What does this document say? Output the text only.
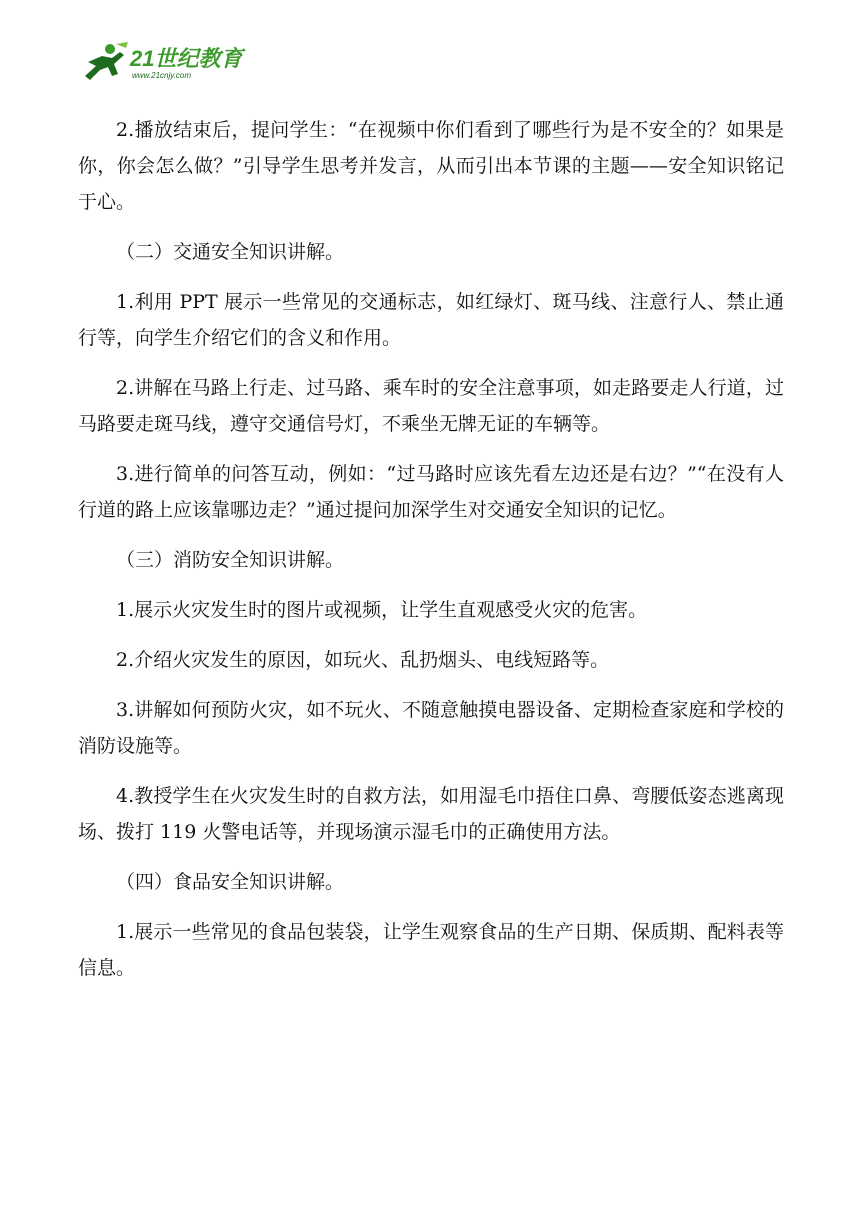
21世纪教育
www.21cnjy.com

2.播放结束后，提问学生：“在视频中你们看到了哪些行为是不安全的？如果是你，你会怎么做？”引导学生思考并发言，从而引出本节课的主题——安全知识铭记于心。

（二）交通安全知识讲解。

1.利用 PPT 展示一些常见的交通标志，如红绿灯、斑马线、注意行人、禁止通行等，向学生介绍它们的含义和作用。

2.讲解在马路上行走、过马路、乘车时的安全注意事项，如走路要走人行道，过马路要走斑马线，遵守交通信号灯，不乘坐无牌无证的车辆等。

3.进行简单的问答互动，例如：“过马路时应该先看左边还是右边？”“在没有人行道的路上应该靠哪边走？”通过提问加深学生对交通安全知识的记忆。

（三）消防安全知识讲解。

1.展示火灾发生时的图片或视频，让学生直观感受火灾的危害。

2.介绍火灾发生的原因，如玩火、乱扔烟头、电线短路等。

3.讲解如何预防火灾，如不玩火、不随意触摸电器设备、定期检查家庭和学校的消防设施等。

4.教授学生在火灾发生时的自救方法，如用湿毛巾捂住口鼻、弯腰低姿态逃离现场、拨打 119 火警电话等，并现场演示湿毛巾的正确使用方法。

（四）食品安全知识讲解。

1.展示一些常见的食品包装袋，让学生观察食品的生产日期、保质期、配料表等信息。
